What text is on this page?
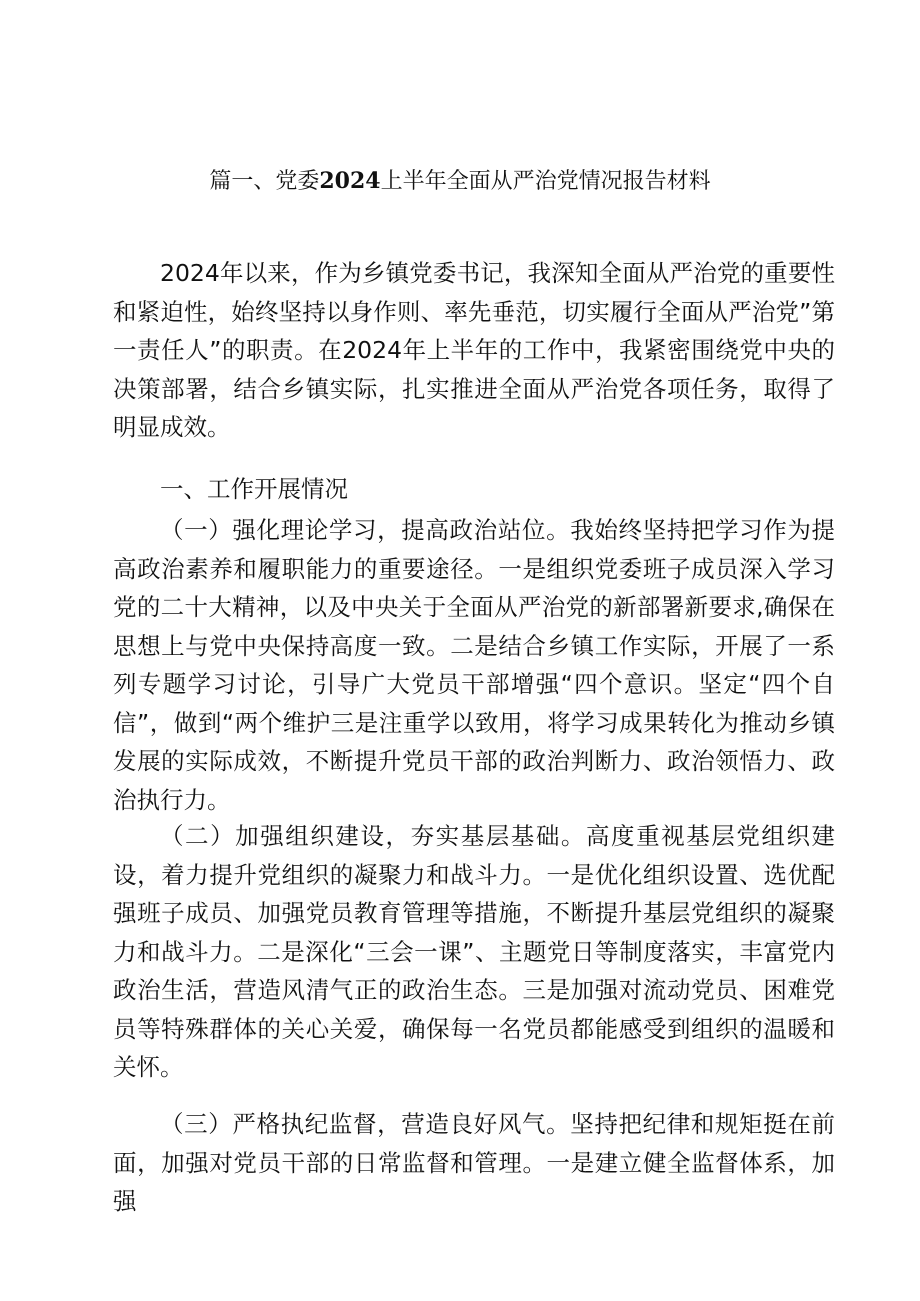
篇一、党委2024上半年全面从严治党情况报告材料

2024年以来，作为乡镇党委书记，我深知全面从严治党的重要性和紧迫性，始终坚持以身作则、率先垂范，切实履行全面从严治党”第一责任人”的职责。在2024年上半年的工作中，我紧密围绕党中央的决策部署，结合乡镇实际，扎实推进全面从严治党各项任务，取得了明显成效。

一、工作开展情况

（一）强化理论学习，提高政治站位。我始终坚持把学习作为提高政治素养和履职能力的重要途径。一是组织党委班子成员深入学习党的二十大精神，以及中央关于全面从严治党的新部署新要求,确保在思想上与党中央保持高度一致。二是结合乡镇工作实际，开展了一系列专题学习讨论，引导广大党员干部增强“四个意识。坚定“四个自信”，做到“两个维护三是注重学以致用，将学习成果转化为推动乡镇发展的实际成效，不断提升党员干部的政治判断力、政治领悟力、政治执行力。

（二）加强组织建设，夯实基层基础。高度重视基层党组织建设，着力提升党组织的凝聚力和战斗力。一是优化组织设置、选优配强班子成员、加强党员教育管理等措施，不断提升基层党组织的凝聚力和战斗力。二是深化“三会一课”、主题党日等制度落实，丰富党内政治生活，营造风清气正的政治生态。三是加强对流动党员、困难党员等特殊群体的关心关爱，确保每一名党员都能感受到组织的温暖和关怀。

（三）严格执纪监督，营造良好风气。坚持把纪律和规矩挺在前面，加强对党员干部的日常监督和管理。一是建立健全监督体系，加强
